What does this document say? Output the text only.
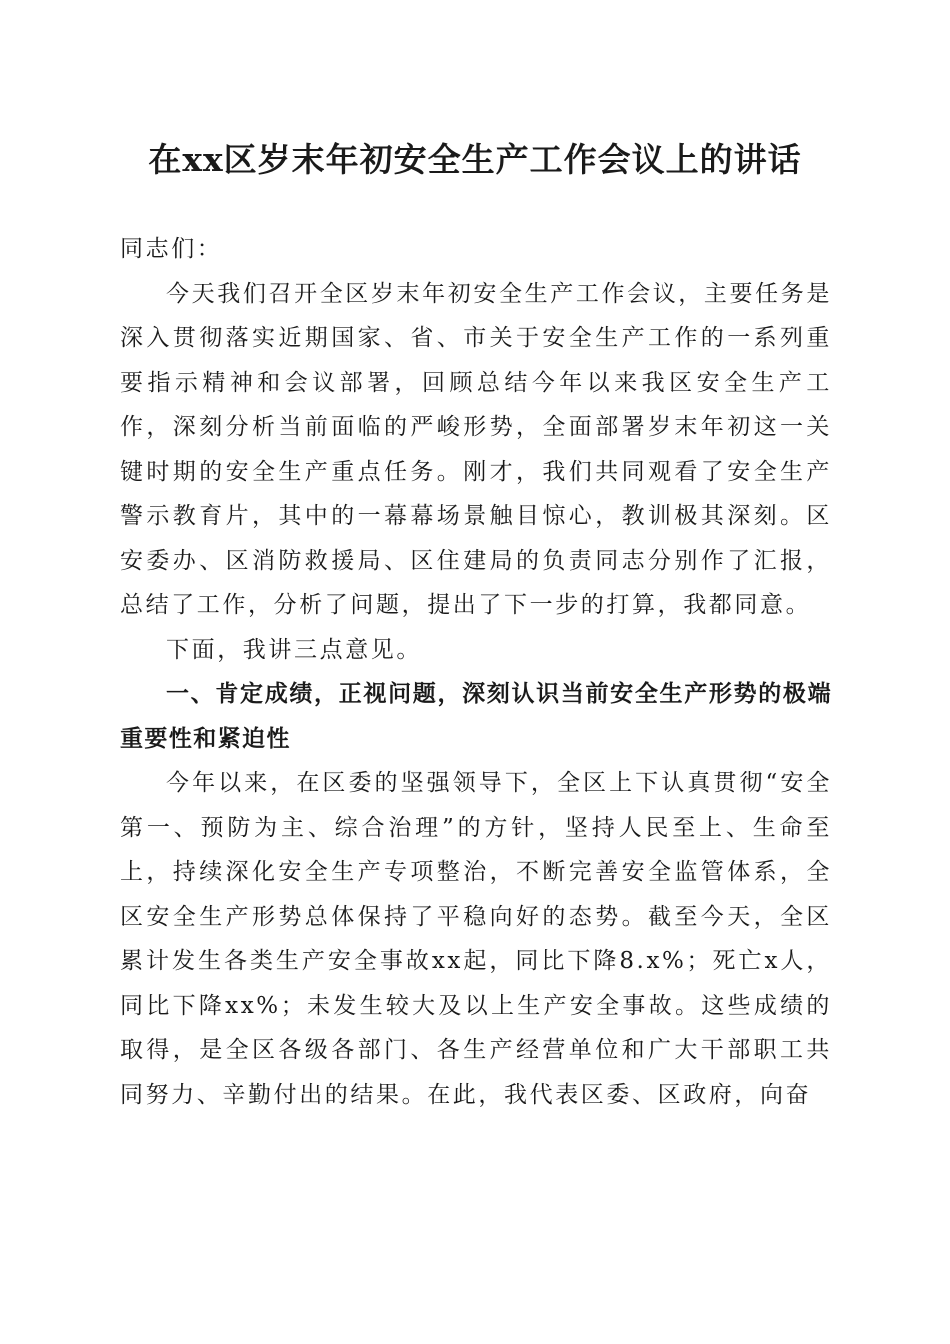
在xx区岁末年初安全生产工作会议上的讲话

同志们：

今天我们召开全区岁末年初安全生产工作会议，主要任务是深入贯彻落实近期国家、省、市关于安全生产工作的一系列重要指示精神和会议部署，回顾总结今年以来我区安全生产工作，深刻分析当前面临的严峻形势，全面部署岁末年初这一关键时期的安全生产重点任务。刚才，我们共同观看了安全生产警示教育片，其中的一幕幕场景触目惊心，教训极其深刻。区安委办、区消防救援局、区住建局的负责同志分别作了汇报，总结了工作，分析了问题，提出了下一步的打算，我都同意。

下面，我讲三点意见。

一、肯定成绩，正视问题，深刻认识当前安全生产形势的极端重要性和紧迫性

今年以来，在区委的坚强领导下，全区上下认真贯彻“安全第一、预防为主、综合治理”的方针，坚持人民至上、生命至上，持续深化安全生产专项整治，不断完善安全监管体系，全区安全生产形势总体保持了平稳向好的态势。截至今天，全区累计发生各类生产安全事故xx起，同比下降8.x%；死亡x人，同比下降xx%；未发生较大及以上生产安全事故。这些成绩的取得，是全区各级各部门、各生产经营单位和广大干部职工共同努力、辛勤付出的结果。在此，我代表区委、区政府，向奋
